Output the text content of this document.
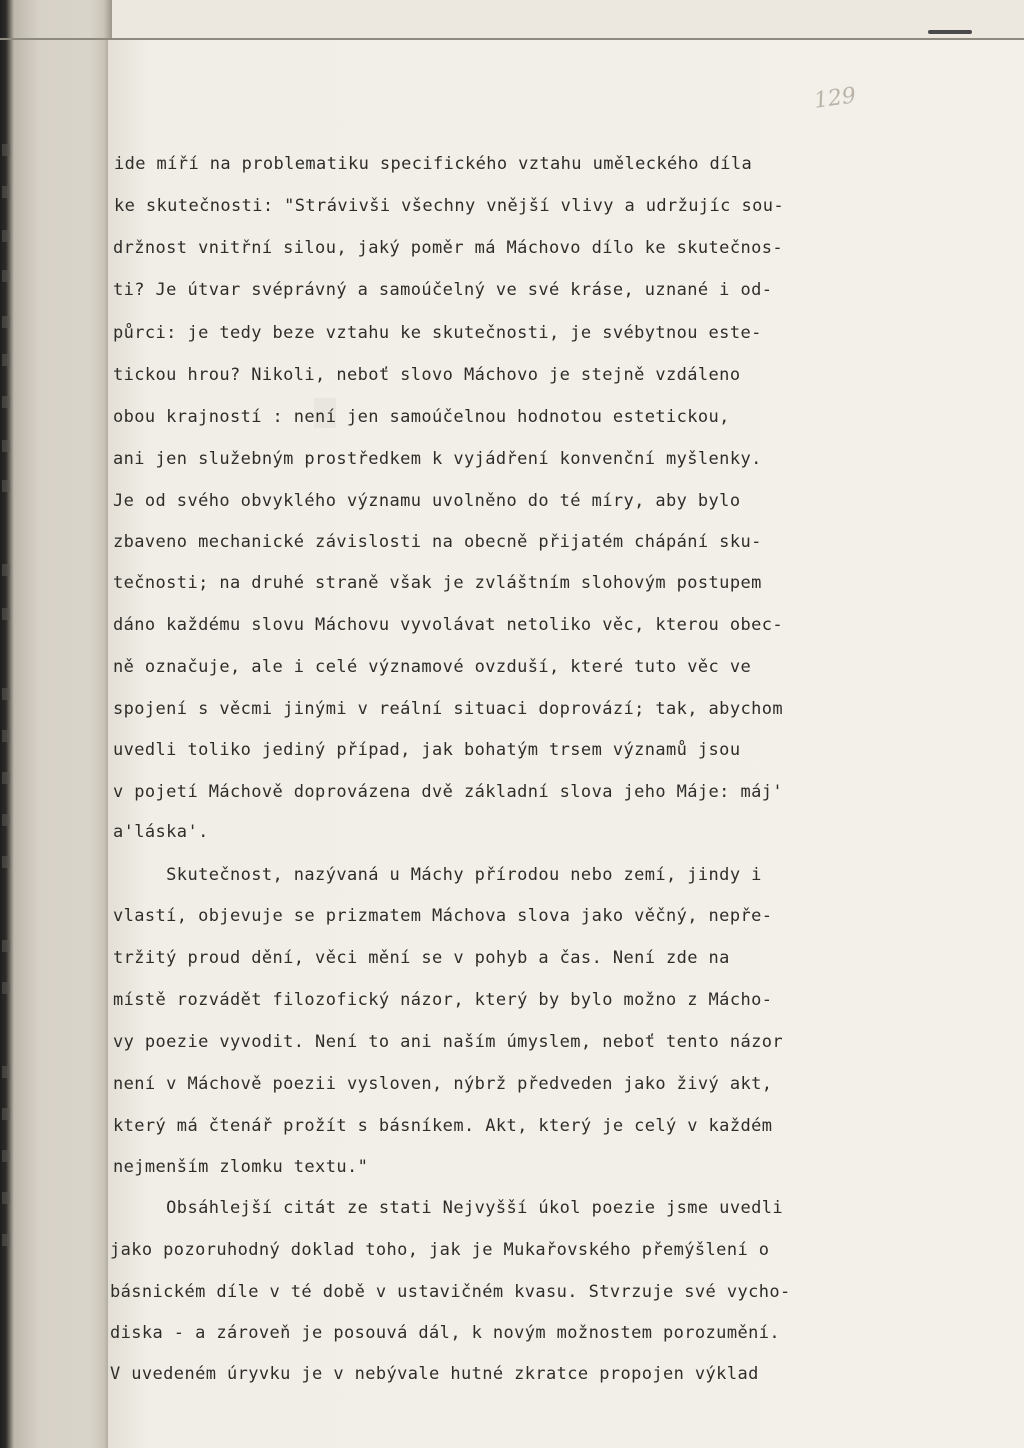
129
ide míří na problematiku specifického vztahu uměleckého díla
ke skutečnosti: "Strávivši všechny vnější vlivy a udržujíc sou-
držnost vnitřní silou, jaký poměr má Máchovo dílo ke skutečnos-
ti? Je útvar svéprávný a samoúčelný ve své kráse, uznané i od-
půrci: je tedy beze vztahu ke skutečnosti, je svébytnou este-
tickou hrou? Nikoli, neboť slovo Máchovo je stejně vzdáleno
obou krajností : není jen samoúčelnou hodnotou estetickou,
ani jen služebným prostředkem k vyjádření konvenční myšlenky.
Je od svého obvyklého významu uvolněno do té míry, aby bylo
zbaveno mechanické závislosti na obecně přijatém chápání sku-
tečnosti; na druhé straně však je zvláštním slohovým postupem
dáno každému slovu Máchovu vyvolávat netoliko věc, kterou obec-
ně označuje, ale i celé významové ovzduší, které tuto věc ve
spojení s věcmi jinými v reální situaci doprovází; tak, abychom
uvedli toliko jediný případ, jak bohatým trsem významů jsou
v pojetí Máchově doprovázena dvě základní slova jeho Máje: máj'
a'láska'.
Skutečnost, nazývaná u Máchy přírodou nebo zemí, jindy i
vlastí, objevuje se prizmatem Máchova slova jako věčný, nepře-
tržitý proud dění, věci mění se v pohyb a čas. Není zde na
místě rozvádět filozofický názor, který by bylo možno z Mácho-
vy poezie vyvodit. Není to ani naším úmyslem, neboť tento názor
není v Máchově poezii vysloven, nýbrž předveden jako živý akt,
který má čtenář prožít s básníkem. Akt, který je celý v každém
nejmenším zlomku textu."
Obsáhlejší citát ze stati Nejvyšší úkol poezie jsme uvedli
jako pozoruhodný doklad toho, jak je Mukařovského přemýšlení o
básnickém díle v té době v ustavičném kvasu. Stvrzuje své vycho-
diska - a zároveň je posouvá dál, k novým možnostem porozumění.
V uvedeném úryvku je v nebývale hutné zkratce propojen výklad
